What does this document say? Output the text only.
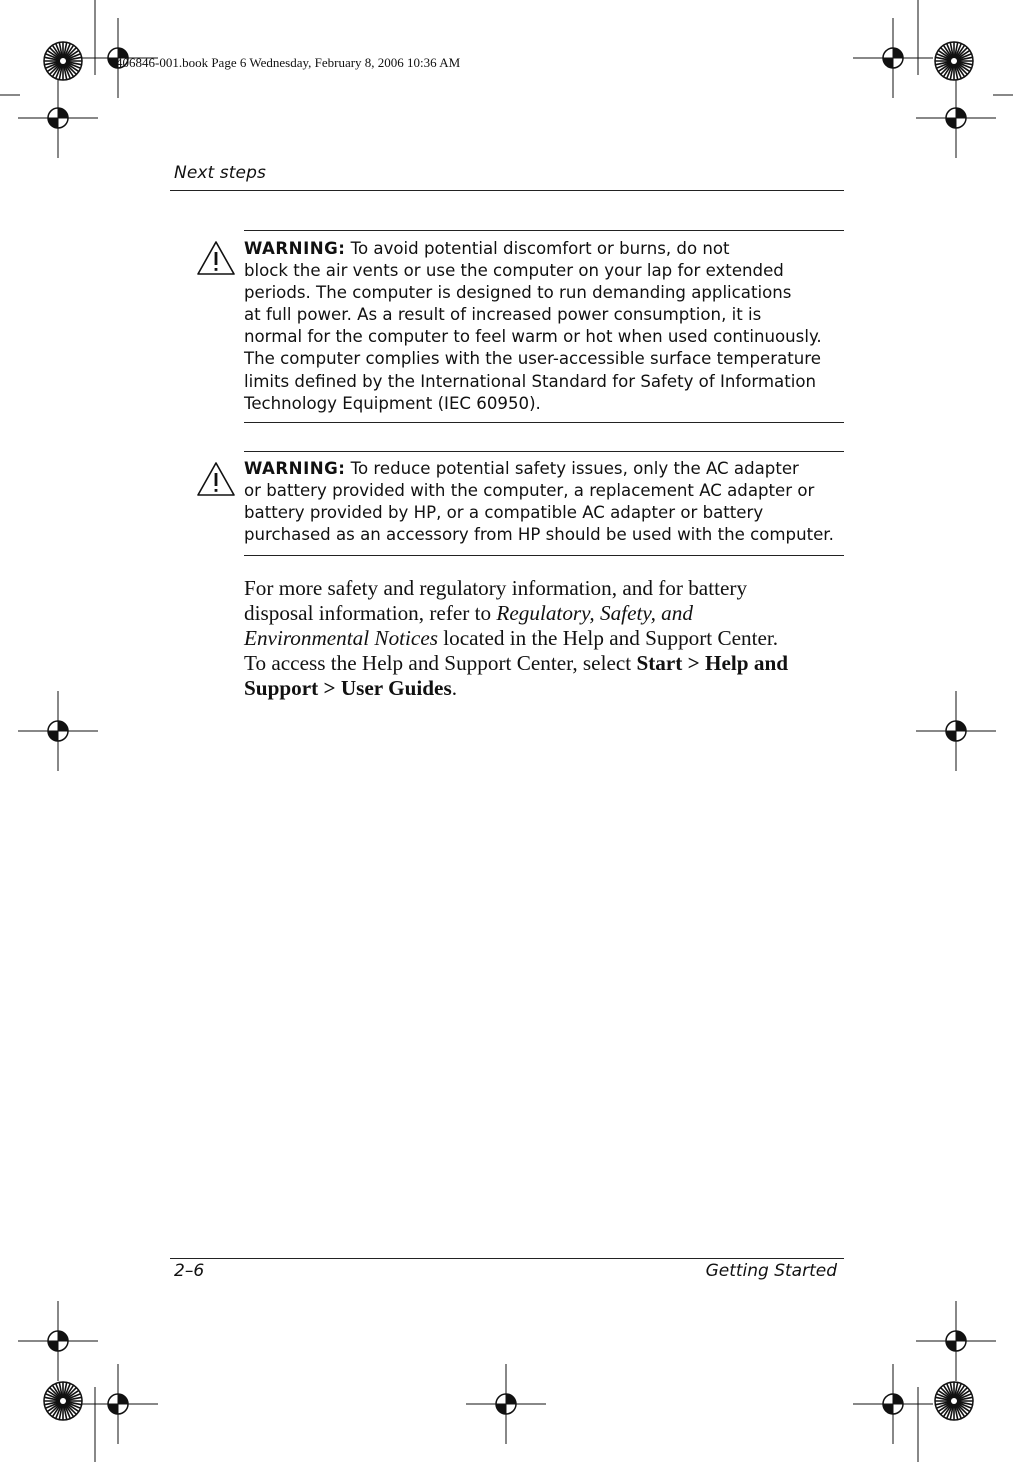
406846-001.book Page 6 Wednesday, February 8, 2006 10:36 AM
Next steps
WARNING: To avoid potential discomfort or burns, do not
block the air vents or use the computer on your lap for extended
periods. The computer is designed to run demanding applications
at full power. As a result of increased power consumption, it is
normal for the computer to feel warm or hot when used continuously.
The computer complies with the user-accessible surface temperature
limits defined by the International Standard for Safety of Information
Technology Equipment (IEC 60950).
WARNING: To reduce potential safety issues, only the AC adapter
or battery provided with the computer, a replacement AC adapter or
battery provided by HP, or a compatible AC adapter or battery
purchased as an accessory from HP should be used with the computer.
For more safety and regulatory information, and for battery
disposal information, refer to Regulatory, Safety, and
Environmental Notices located in the Help and Support Center.
To access the Help and Support Center, select Start > Help and
Support > User Guides.
2–6	Getting Started
